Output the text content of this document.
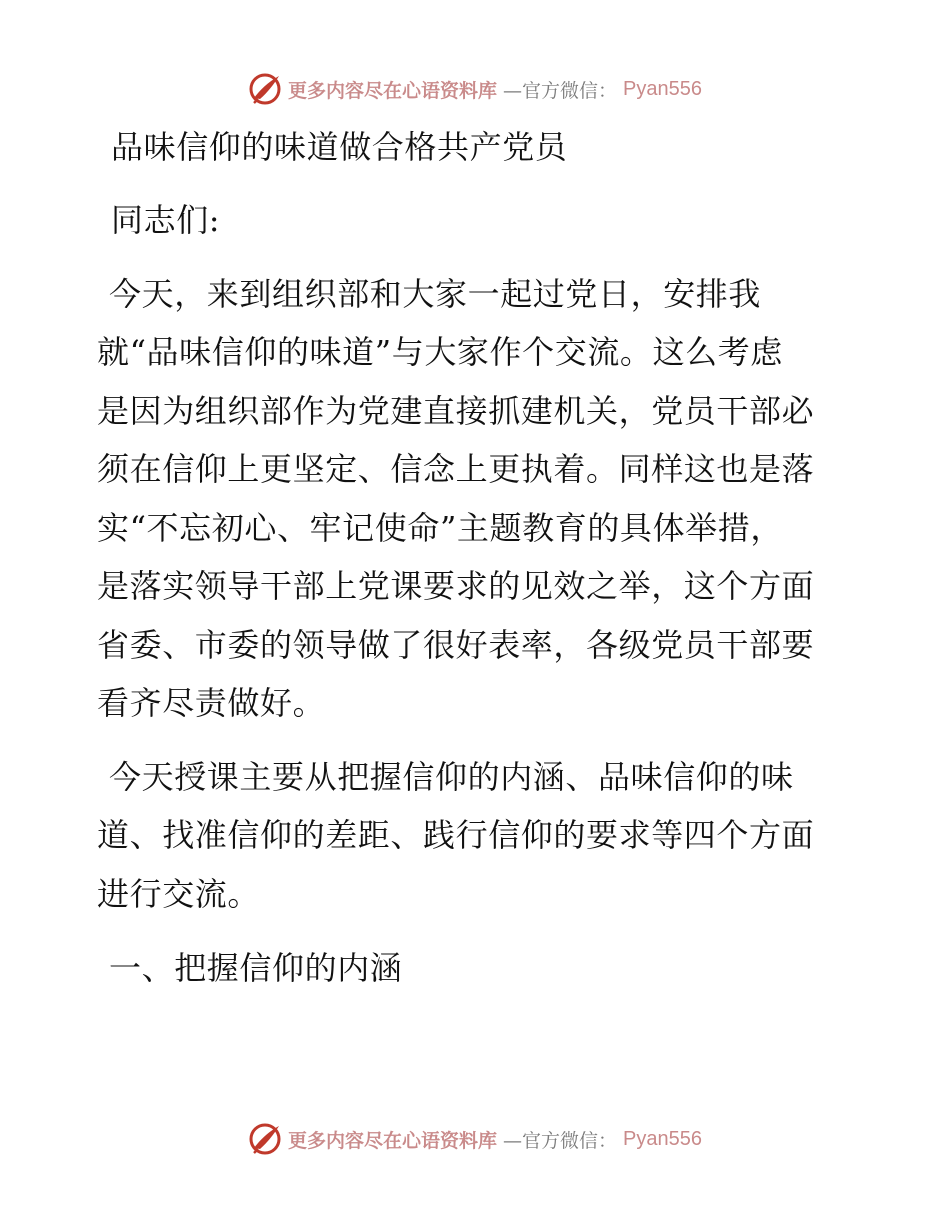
更多内容尽在心语资料库 —官方微信： Pyan556
品味信仰的味道做合格共产党员
同志们:
今天，来到组织部和大家一起过党日，安排我
就“品味信仰的味道”与大家作个交流。这么考虑
是因为组织部作为党建直接抓建机关，党员干部必
须在信仰上更坚定、信念上更执着。同样这也是落
实“不忘初心、牢记使命”主题教育的具体举措，
是落实领导干部上党课要求的见效之举，这个方面
省委、市委的领导做了很好表率，各级党员干部要
看齐尽责做好。
今天授课主要从把握信仰的内涵、品味信仰的味
道、找准信仰的差距、践行信仰的要求等四个方面
进行交流。
一、把握信仰的内涵
更多内容尽在心语资料库 —官方微信： Pyan556
